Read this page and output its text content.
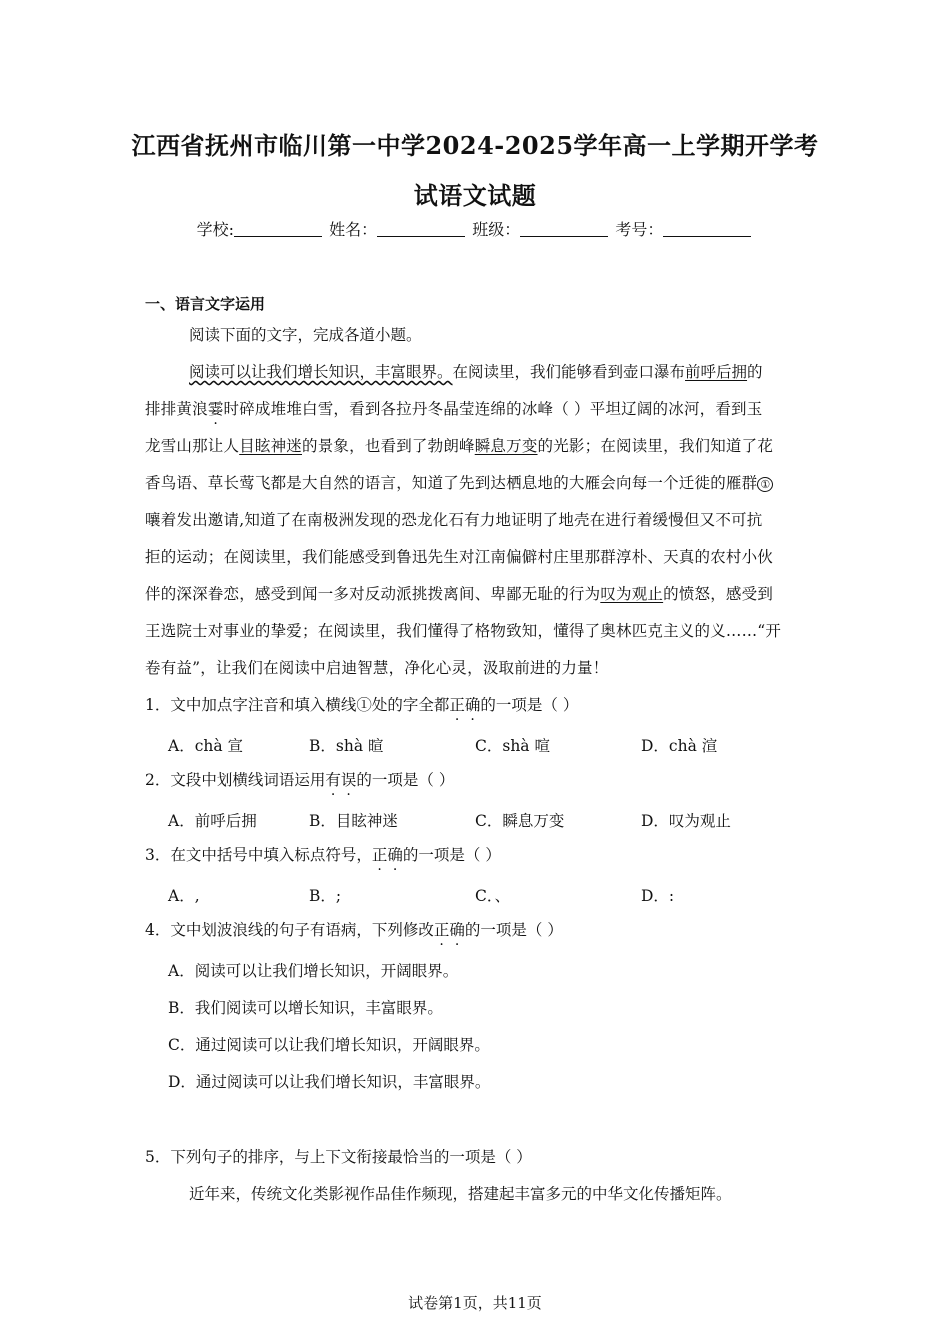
江西省抚州市临川第一中学2024-2025学年高一上学期开学考
试语文试题
学校:	姓名：	班级：	考号：
一、语言文字运用
阅读下面的文字，完成各道小题。
阅读可以让我们增长知识，丰富眼界。在阅读里，我们能够看到壶口瀑布前呼后拥的
排排黄浪霎时碎成堆堆白雪，看到各拉丹冬晶莹连绵的冰峰（ ）平坦辽阔的冰河，看到玉
龙雪山那让人目眩神迷的景象，也看到了勃朗峰瞬息万变的光影；在阅读里，我们知道了花
香鸟语、草长莺飞都是大自然的语言，知道了先到达栖息地的大雁会向每一个迁徙的雁群 ①
嚷着发出邀请,知道了在南极洲发现的恐龙化石有力地证明了地壳在进行着缓慢但又不可抗
拒的运动；在阅读里，我们能感受到鲁迅先生对江南偏僻村庄里那群淳朴、天真的农村小伙
伴的深深眷恋，感受到闻一多对反动派挑拨离间、卑鄙无耻的行为叹为观止的愤怒，感受到
王选院士对事业的挚爱；在阅读里，我们懂得了格物致知，懂得了奥林匹克主义的义……“开
卷有益”，让我们在阅读中启迪智慧，净化心灵，汲取前进的力量！
1．文中加点字注音和填入横线①处的字全都正确的一项是（ ）
A．chà 宣	B．shà 暄	C．shà 喧	D．chà 渲
2．文段中划横线词语运用有误的一项是（ ）
A．前呼后拥	B．目眩神迷	C．瞬息万变	D．叹为观止
3．在文中括号中填入标点符号，正确的一项是（ ）
A．,	B．;	C．、	D．:
4．文中划波浪线的句子有语病，下列修改正确的一项是（ ）
A．阅读可以让我们增长知识，开阔眼界。
B．我们阅读可以增长知识，丰富眼界。
C．通过阅读可以让我们增长知识，开阔眼界。
D．通过阅读可以让我们增长知识，丰富眼界。
5．下列句子的排序，与上下文衔接最恰当的一项是（ ）
近年来，传统文化类影视作品佳作频现，搭建起丰富多元的中华文化传播矩阵。
试卷第1页，共11页
